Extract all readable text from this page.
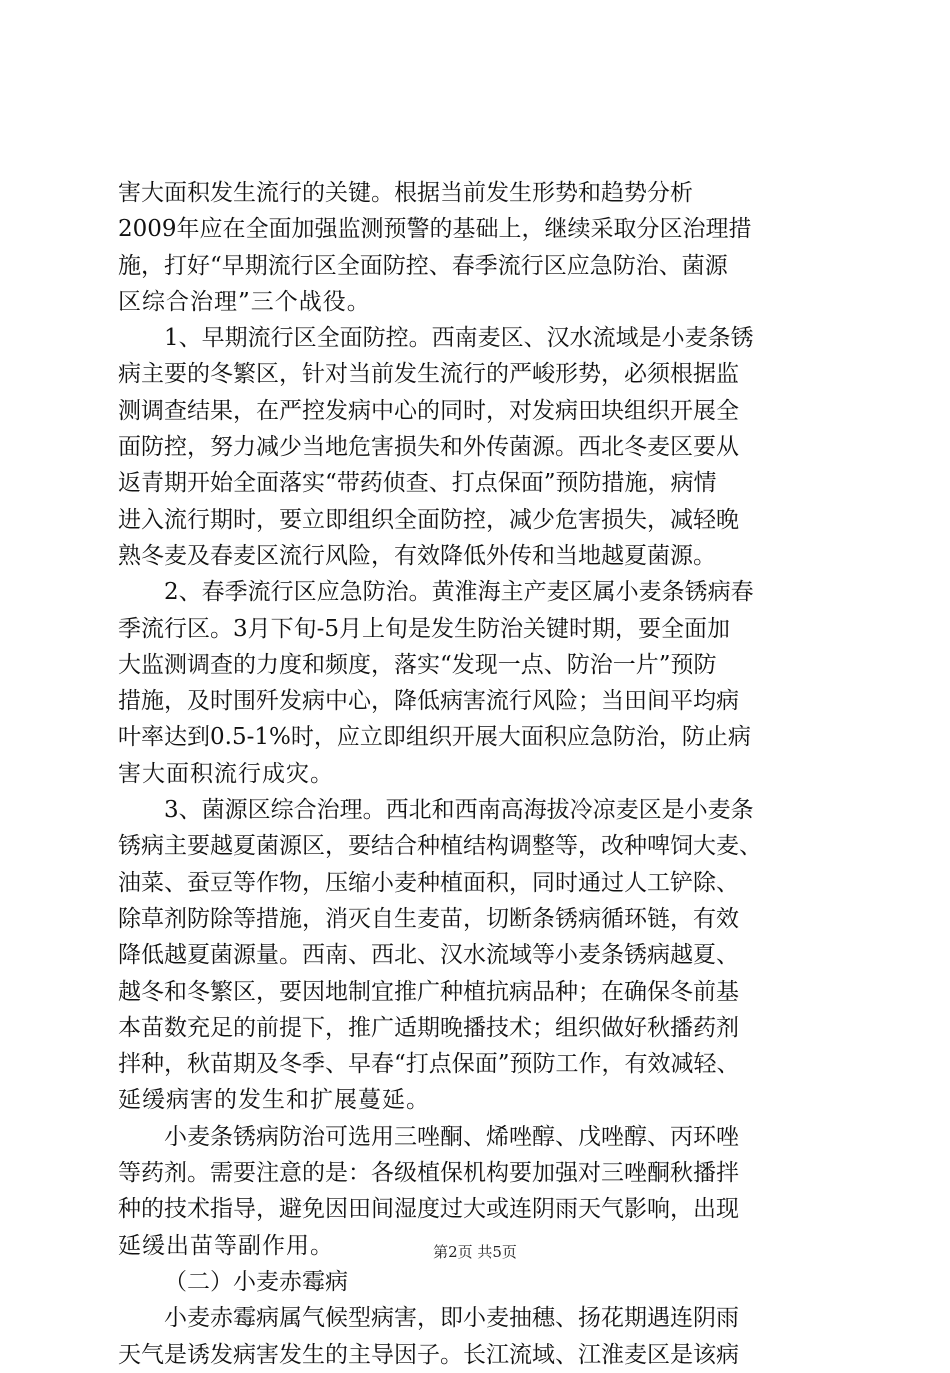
害大面积发生流行的关键。根据当前发生形势和趋势分析
2009年应在全面加强监测预警的基础上，继续采取分区治理措
施，打好“早期流行区全面防控、春季流行区应急防治、菌源
区综合治理”三个战役。
1、早期流行区全面防控。西南麦区、汉水流域是小麦条锈
病主要的冬繁区，针对当前发生流行的严峻形势，必须根据监
测调查结果，在严控发病中心的同时，对发病田块组织开展全
面防控，努力减少当地危害损失和外传菌源。西北冬麦区要从
返青期开始全面落实“带药侦查、打点保面”预防措施，病情
进入流行期时，要立即组织全面防控，减少危害损失，减轻晚
熟冬麦及春麦区流行风险，有效降低外传和当地越夏菌源。
2、春季流行区应急防治。黄淮海主产麦区属小麦条锈病春
季流行区。3月下旬-5月上旬是发生防治关键时期，要全面加
大监测调查的力度和频度，落实“发现一点、防治一片”预防
措施，及时围歼发病中心，降低病害流行风险；当田间平均病
叶率达到0.5-1%时，应立即组织开展大面积应急防治，防止病
害大面积流行成灾。
3、菌源区综合治理。西北和西南高海拔冷凉麦区是小麦条
锈病主要越夏菌源区，要结合种植结构调整等，改种啤饲大麦、
油菜、蚕豆等作物，压缩小麦种植面积，同时通过人工铲除、
除草剂防除等措施，消灭自生麦苗，切断条锈病循环链，有效
降低越夏菌源量。西南、西北、汉水流域等小麦条锈病越夏、
越冬和冬繁区，要因地制宜推广种植抗病品种；在确保冬前基
本苗数充足的前提下，推广适期晚播技术；组织做好秋播药剂
拌种，秋苗期及冬季、早春“打点保面”预防工作，有效减轻、
延缓病害的发生和扩展蔓延。
小麦条锈病防治可选用三唑酮、烯唑醇、戊唑醇、丙环唑
等药剂。需要注意的是：各级植保机构要加强对三唑酮秋播拌
种的技术指导，避免因田间湿度过大或连阴雨天气影响，出现
延缓出苗等副作用。
（二）小麦赤霉病
小麦赤霉病属气候型病害，即小麦抽穗、扬花期遇连阴雨
天气是诱发病害发生的主导因子。长江流域、江淮麦区是该病
第2页 共5页
